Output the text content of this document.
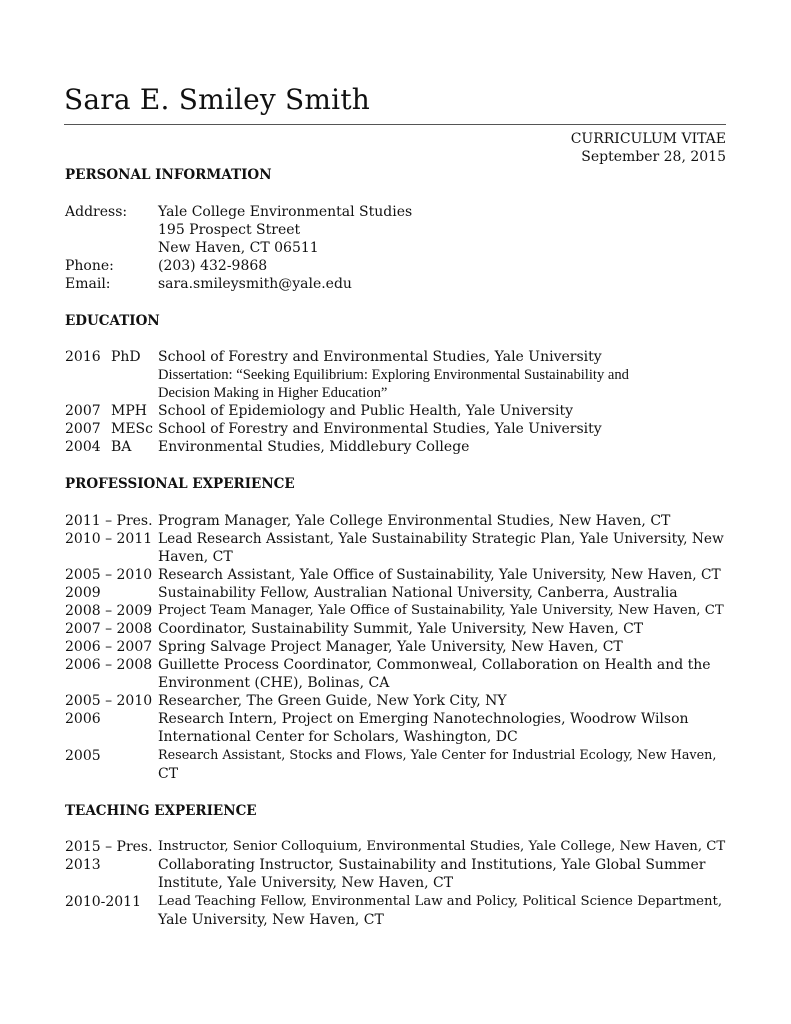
Sara E. Smiley Smith
CURRICULUM VITAE
September 28, 2015
PERSONAL INFORMATION
Address: Yale College Environmental Studies
195 Prospect Street
New Haven, CT 06511
Phone:	(203) 432-9868
Email:	sara.smileysmith@yale.edu
EDUCATION
2016 PhD School of Forestry and Environmental Studies, Yale University
Dissertation: “Seeking Equilibrium: Exploring Environmental Sustainability and
Decision Making in Higher Education”
2007 MPH School of Epidemiology and Public Health, Yale University
2007 MESc School of Forestry and Environmental Studies, Yale University
2004 BA Environmental Studies, Middlebury College
PROFESSIONAL EXPERIENCE
2011 – Pres. Program Manager, Yale College Environmental Studies, New Haven, CT
2010 – 2011 Lead Research Assistant, Yale Sustainability Strategic Plan, Yale University, New
Haven, CT
2005 – 2010 Research Assistant, Yale Office of Sustainability, Yale University, New Haven, CT
2009	Sustainability Fellow, Australian National University, Canberra, Australia
2008 – 2009 Project Team Manager, Yale Office of Sustainability, Yale University, New Haven, CT
2007 – 2008 Coordinator, Sustainability Summit, Yale University, New Haven, CT
2006 – 2007 Spring Salvage Project Manager, Yale University, New Haven, CT
2006 – 2008 Guillette Process Coordinator, Commonweal, Collaboration on Health and the
Environment (CHE), Bolinas, CA
2005 – 2010 Researcher, The Green Guide, New York City, NY
2006	Research Intern, Project on Emerging Nanotechnologies, Woodrow Wilson
International Center for Scholars, Washington, DC
2005	Research Assistant, Stocks and Flows, Yale Center for Industrial Ecology, New Haven,
CT
TEACHING EXPERIENCE
2015 – Pres. Instructor, Senior Colloquium, Environmental Studies, Yale College, New Haven, CT
2013	Collaborating Instructor, Sustainability and Institutions, Yale Global Summer
Institute, Yale University, New Haven, CT
2010-2011 Lead Teaching Fellow, Environmental Law and Policy, Political Science Department,
Yale University, New Haven, CT
